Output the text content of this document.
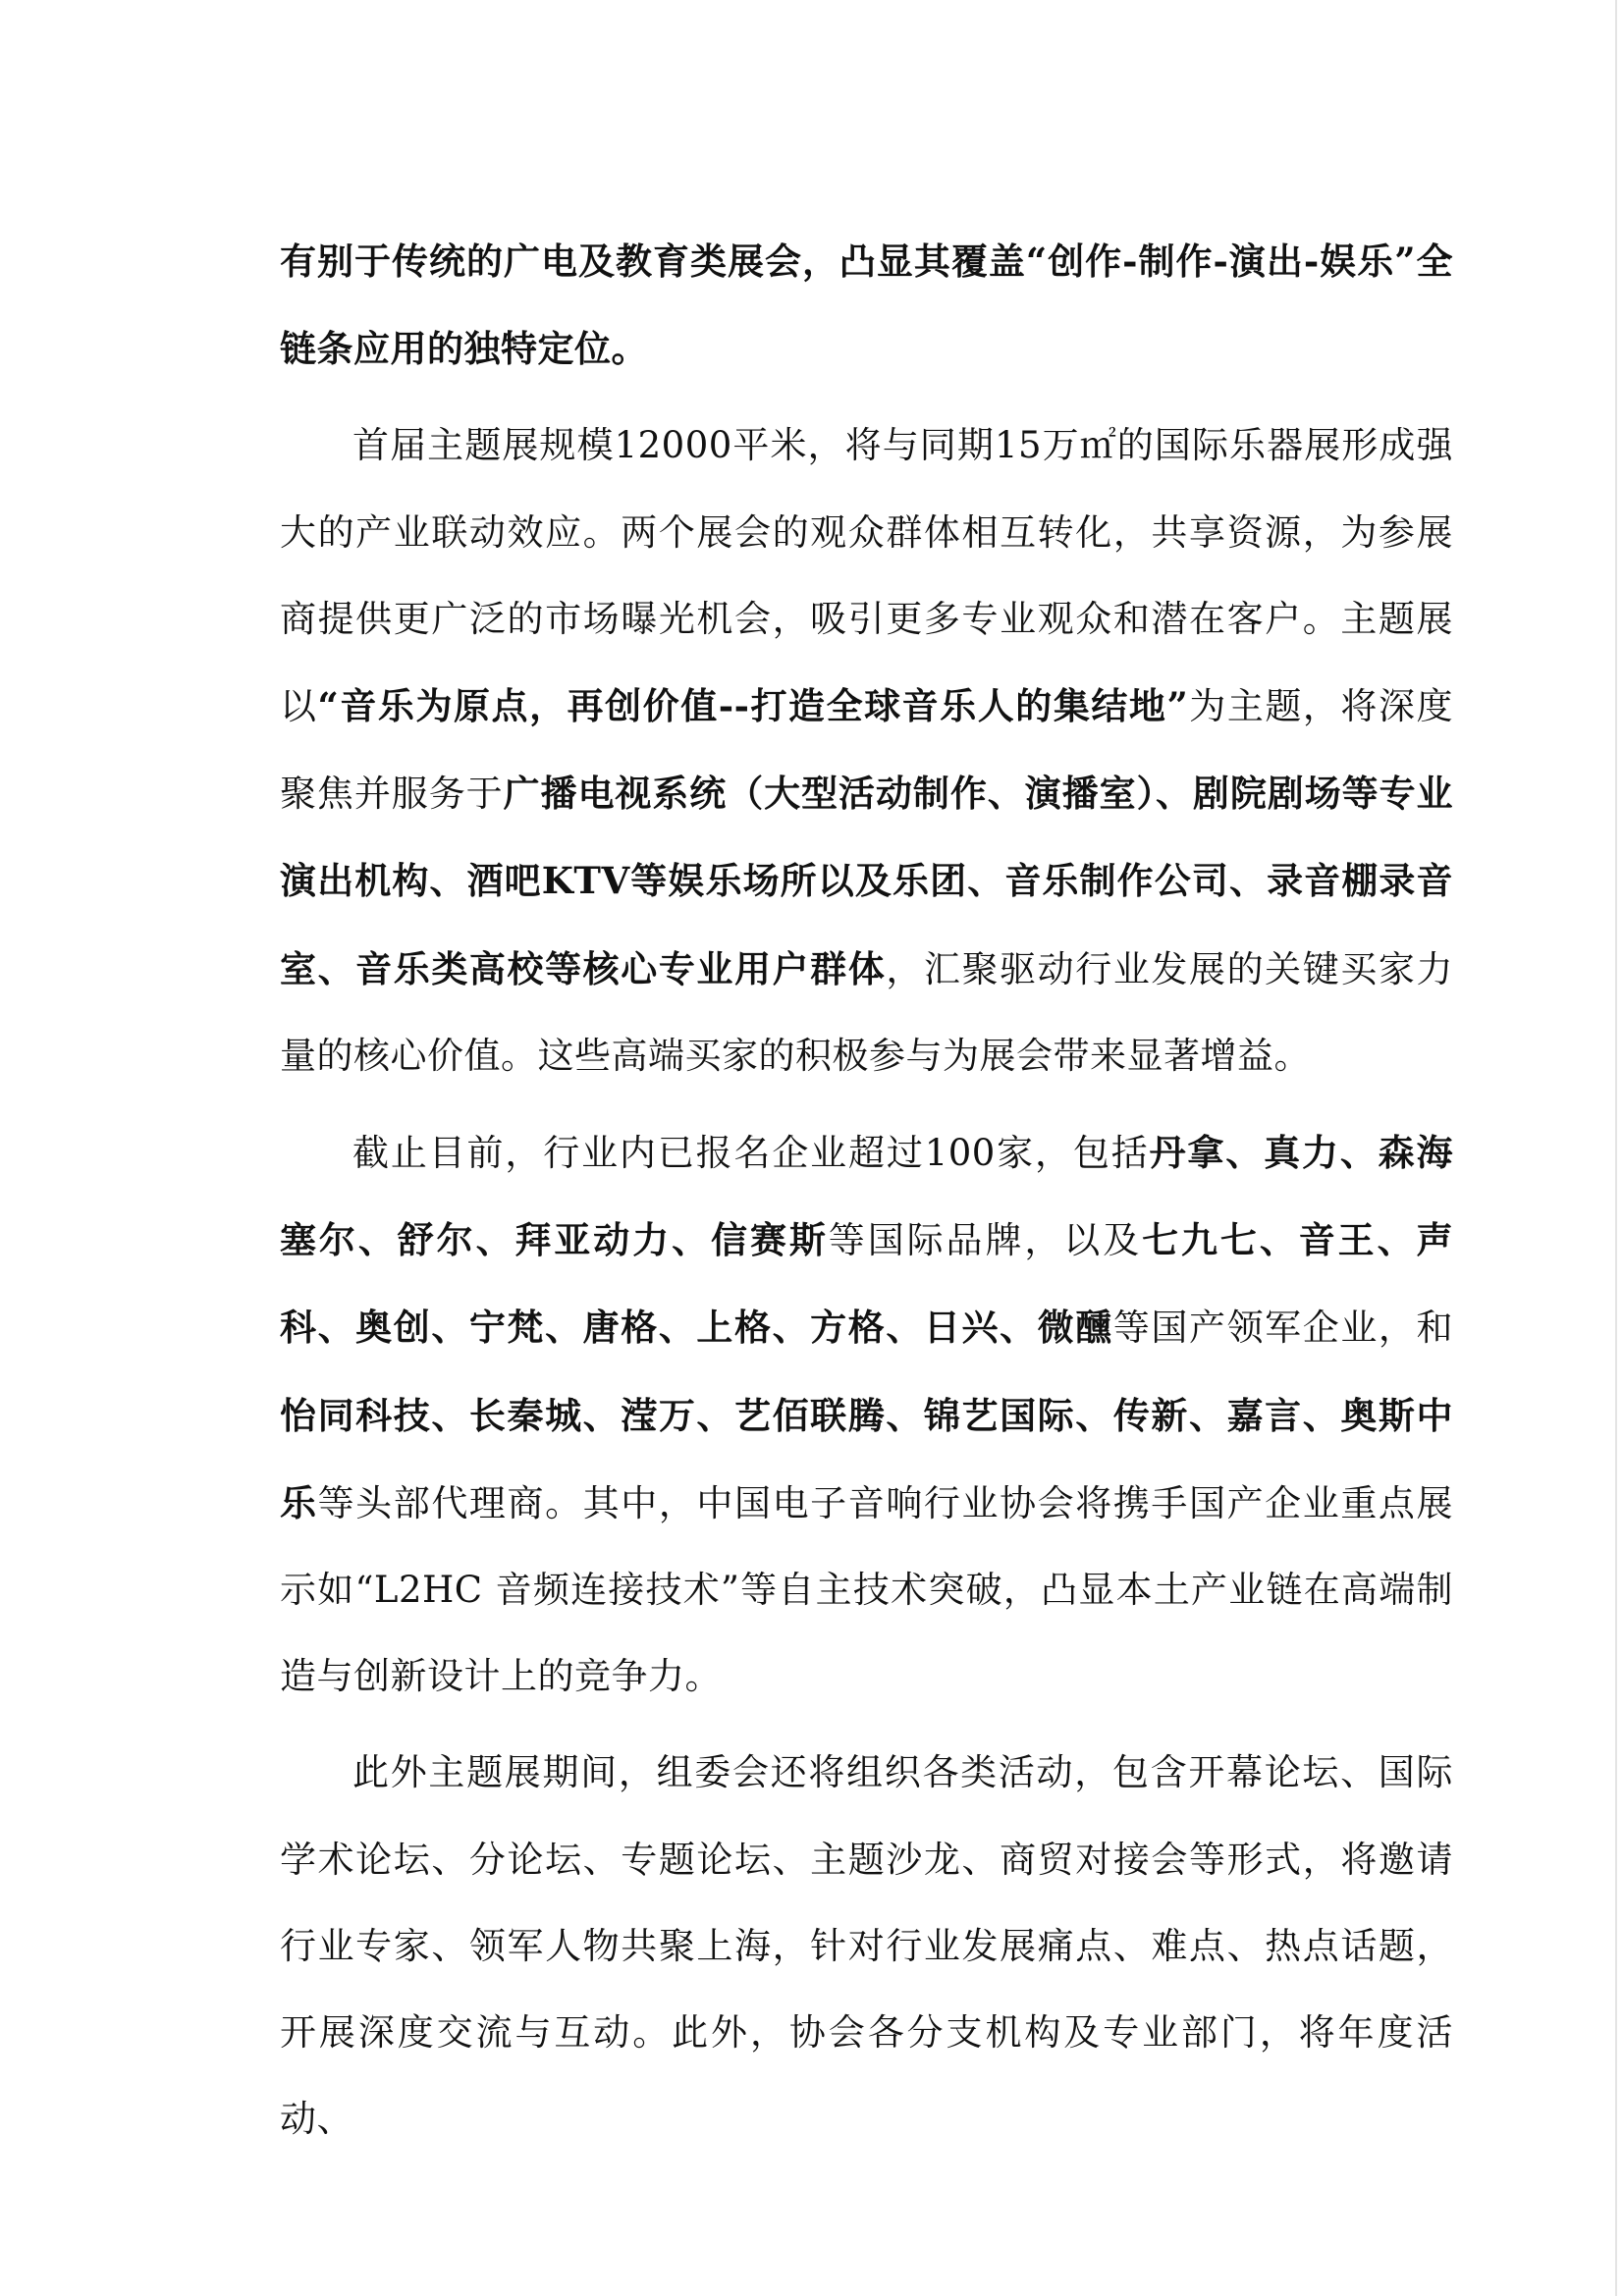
有别于传统的广电及教育类展会，凸显其覆盖“创作-制作-演出-娱乐”全链条应用的独特定位。

首届主题展规模12000平米，将与同期15万㎡的国际乐器展形成强大的产业联动效应。两个展会的观众群体相互转化，共享资源，为参展商提供更广泛的市场曝光机会，吸引更多专业观众和潜在客户。主题展以“音乐为原点，再创价值--打造全球音乐人的集结地”为主题，将深度聚焦并服务于广播电视系统（大型活动制作、演播室）、剧院剧场等专业演出机构、酒吧KTV等娱乐场所以及乐团、音乐制作公司、录音棚录音室、音乐类高校等核心专业用户群体，汇聚驱动行业发展的关键买家力量的核心价值。这些高端买家的积极参与为展会带来显著增益。

截止目前，行业内已报名企业超过100家，包括丹拿、真力、森海塞尔、舒尔、拜亚动力、信赛斯等国际品牌，以及七九七、音王、声科、奥创、宁梵、唐格、上格、方格、日兴、微醺等国产领军企业，和怡同科技、长秦城、滢万、艺佰联腾、锦艺国际、传新、嘉言、奥斯中乐等头部代理商。其中，中国电子音响行业协会将携手国产企业重点展示如“L2HC 音频连接技术”等自主技术突破，凸显本土产业链在高端制造与创新设计上的竞争力。

此外主题展期间，组委会还将组织各类活动，包含开幕论坛、国际学术论坛、分论坛、专题论坛、主题沙龙、商贸对接会等形式，将邀请行业专家、领军人物共聚上海，针对行业发展痛点、难点、热点话题，开展深度交流与互动。此外，协会各分支机构及专业部门，将年度活动、
